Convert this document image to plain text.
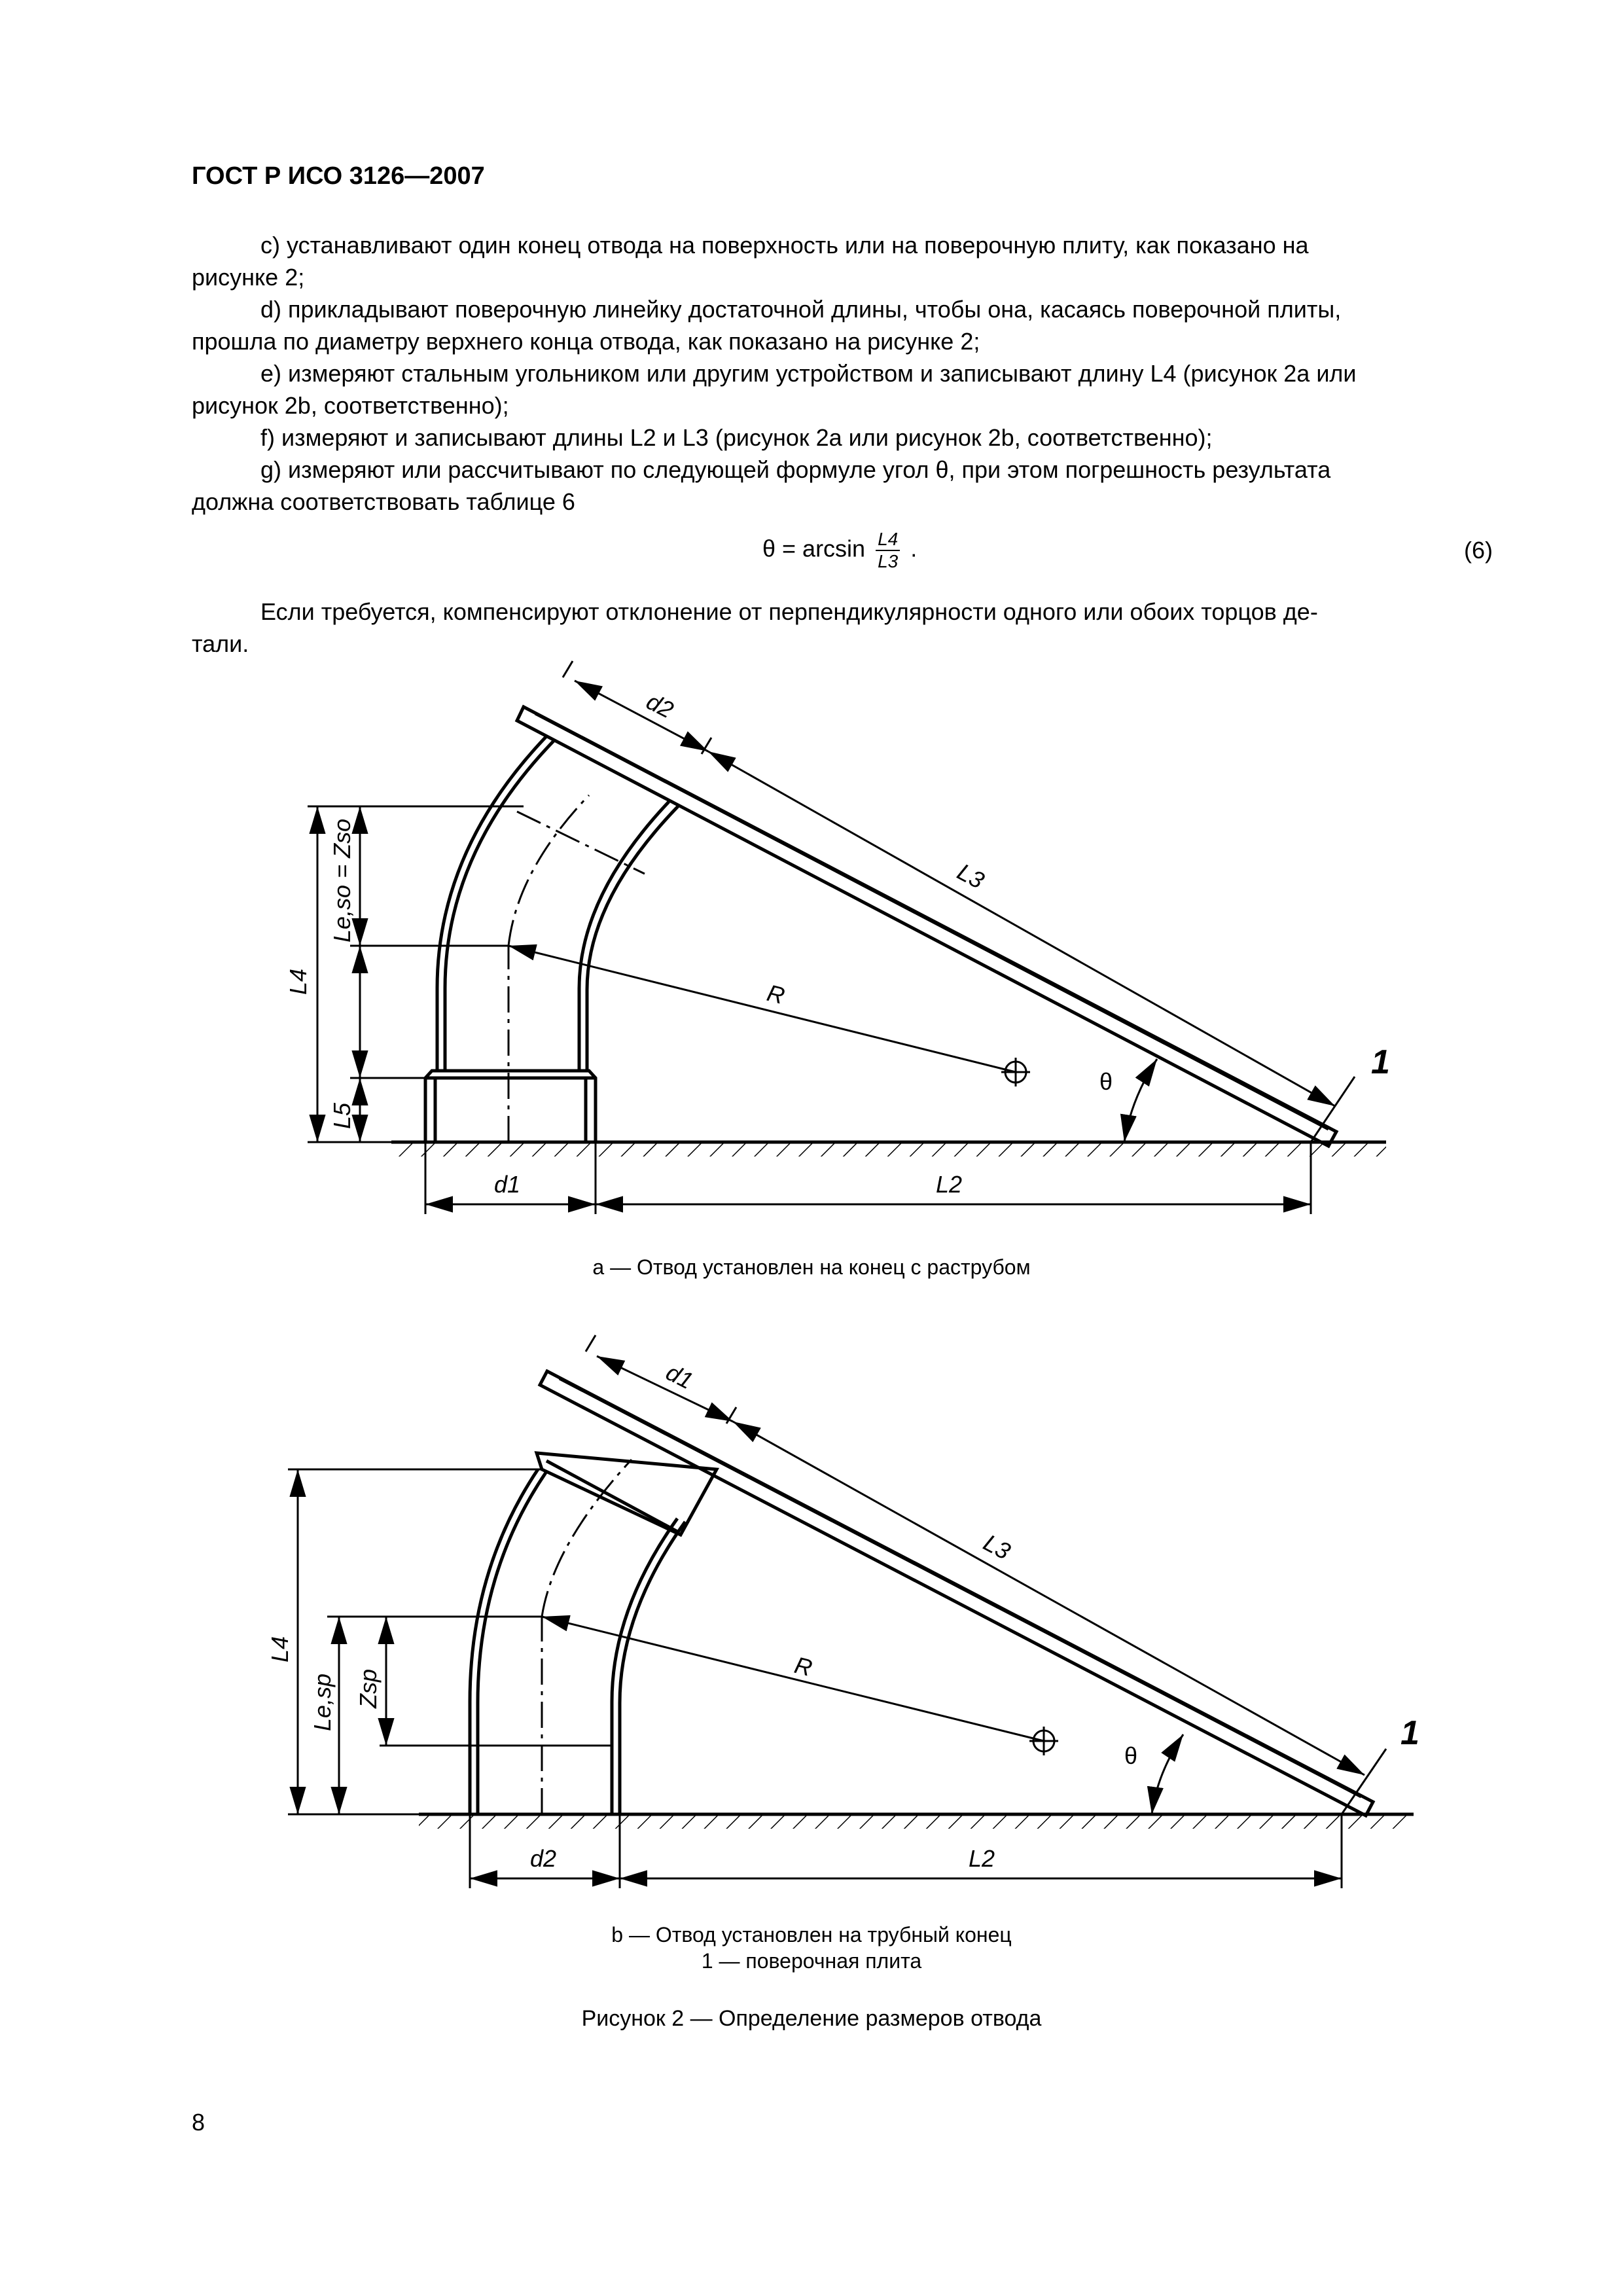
ГОСТ Р ИСО 3126—2007
c) устанавливают один конец отвода на поверхность или на поверочную плиту, как показано на
рисунке 2;
d) прикладывают поверочную линейку достаточной длины, чтобы она, касаясь поверочной плиты,
прошла по диаметру верхнего конца отвода, как показано на рисунке 2;
e) измеряют стальным угольником или другим устройством и записывают длину L4 (рисунок 2a или
рисунок 2b, соответственно);
f) измеряют и записывают длины L2 и L3 (рисунок 2a или рисунок 2b, соответственно);
g) измеряют или рассчитывают по следующей формуле угол θ, при этом погрешность результата
должна соответствовать таблице 6
$\theta = \arcsin \frac{L4}{L3}$ .	(6)
Если требуется, компенсируют отклонение от перпендикулярности одного или обоих торцов де-
тали.
d2
L3
R
θ
1
L4
Le,so = Zso
L5
d1	L2
a — Отвод установлен на конец с раструбом
d1
L3
R
θ
1
L4
Le,sp Zsp
d2	L2
b — Отвод установлен на трубный конец
1 — поверочная плита
Рисунок 2 — Определение размеров отвода
8
